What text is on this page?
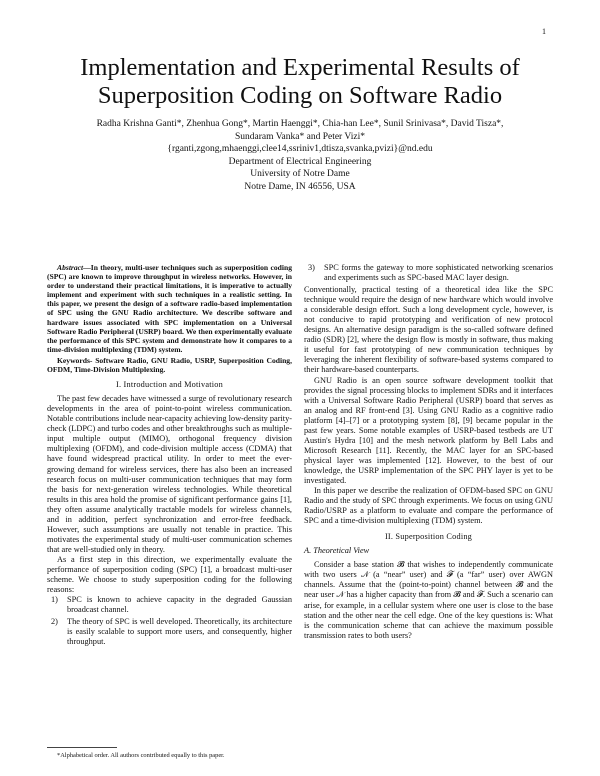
1
Implementation and Experimental Results of
Superposition Coding on Software Radio
Radha Krishna Ganti*, Zhenhua Gong*, Martin Haenggi*, Chia-han Lee*, Sunil Srinivasa*, David Tisza*,
Sundaram Vanka* and Peter Vizi*
{rganti,zgong,mhaenggi,clee14,ssriniv1,dtisza,svanka,pvizi}@nd.edu
Department of Electrical Engineering
University of Notre Dame
Notre Dame, IN 46556, USA

Abstract—In theory, multi-user techniques such as superposition coding (SPC) are known to improve throughput in wireless networks. However, in order to understand their practical limitations, it is imperative to actually implement and experiment with such techniques in a realistic setting. In this paper, we present the design of a software radio-based implementation of SPC using the GNU Radio architecture. We describe software and hardware issues associated with SPC implementation on a Universal Software Radio Peripheral (USRP) board. We then experimentally evaluate the performance of this SPC system and demonstrate how it compares to a time-division multiplexing (TDM) system.

Keywords- Software Radio, GNU Radio, USRP, Superposition Coding, OFDM, Time-Division Multiplexing.

I. Introduction and Motivation

The past few decades have witnessed a surge of revolutionary research developments in the area of point-to-point wireless communication. Notable contributions include near-capacity achieving low-density parity-check (LDPC) and turbo codes and other breakthroughs such as multiple-input multiple output (MIMO), orthogonal frequency division multiplexing (OFDM), and code-division multiple access (CDMA) that have found widespread practical utility. In order to meet the ever-growing demand for wireless services, there has also been an increased research focus on multi-user communication techniques that may form the basis for next-generation wireless technologies. While theoretical results in this area hold the promise of significant performance gains [1], they often assume analytically tractable models for wireless channels, and in addition, perfect synchronization and error-free feedback. However, such assumptions are usually not tenable in practice. This motivates the experimental study of multi-user communication schemes that are well-studied only in theory.

As a first step in this direction, we experimentally evaluate the performance of superposition coding (SPC) [1], a broadcast multi-user scheme. We choose to study superposition coding for the following reasons:

1) SPC is known to achieve capacity in the degraded Gaussian broadcast channel.
2) The theory of SPC is well developed. Theoretically, its architecture is easily scalable to support more users, and consequently, higher throughput.
*Alphabetical order. All authors contributed equally to this paper.
3) SPC forms the gateway to more sophisticated networking scenarios and experiments such as SPC-based MAC layer design.

Conventionally, practical testing of a theoretical idea like the SPC technique would require the design of new hardware which would involve a considerable design effort. Such a long development cycle, however, is not conducive to rapid prototyping and verification of new protocol designs. An alternative design paradigm is the so-called software defined radio (SDR) [2], where the design flow is mostly in software, thus making it useful for fast prototyping of new communication techniques by leveraging the inherent flexibility of software-based systems compared to their hardware-based counterparts.

GNU Radio is an open source software development toolkit that provides the signal processing blocks to implement SDRs and it interfaces with a Universal Software Radio Peripheral (USRP) board that serves as an analog and RF front-end [3]. Using GNU Radio as a cognitive radio platform [4]–[7] or a prototyping system [8], [9] became popular in the past few years. Some notable examples of USRP-based testbeds are UT Austin's Hydra [10] and the mesh network platform by Bell Labs and Microsoft Research [11]. Recently, the MAC layer for an SPC-based physical layer was implemented [12]. However, to the best of our knowledge, the USRP implementation of the SPC PHY layer is yet to be investigated.

In this paper we describe the realization of OFDM-based SPC on GNU Radio and the study of SPC through experiments. We focus on using GNU Radio/USRP as a platform to evaluate and compare the performance of SPC and a time-division multiplexing (TDM) system.

II. Superposition Coding

A. Theoretical View

Consider a base station 𝓑 that wishes to independently communicate with two users 𝒩 (a “near” user) and 𝓕 (a “far” user) over AWGN channels. Assume that the (point-to-point) channel between 𝓑 and the near user 𝒩 has a higher capacity than from 𝓑 and 𝓕. Such a scenario can arise, for example, in a cellular system where one user is close to the base station and the other near the cell edge. One of the key questions is: What is the communication scheme that can achieve the maximum possible transmission rates to both users?
